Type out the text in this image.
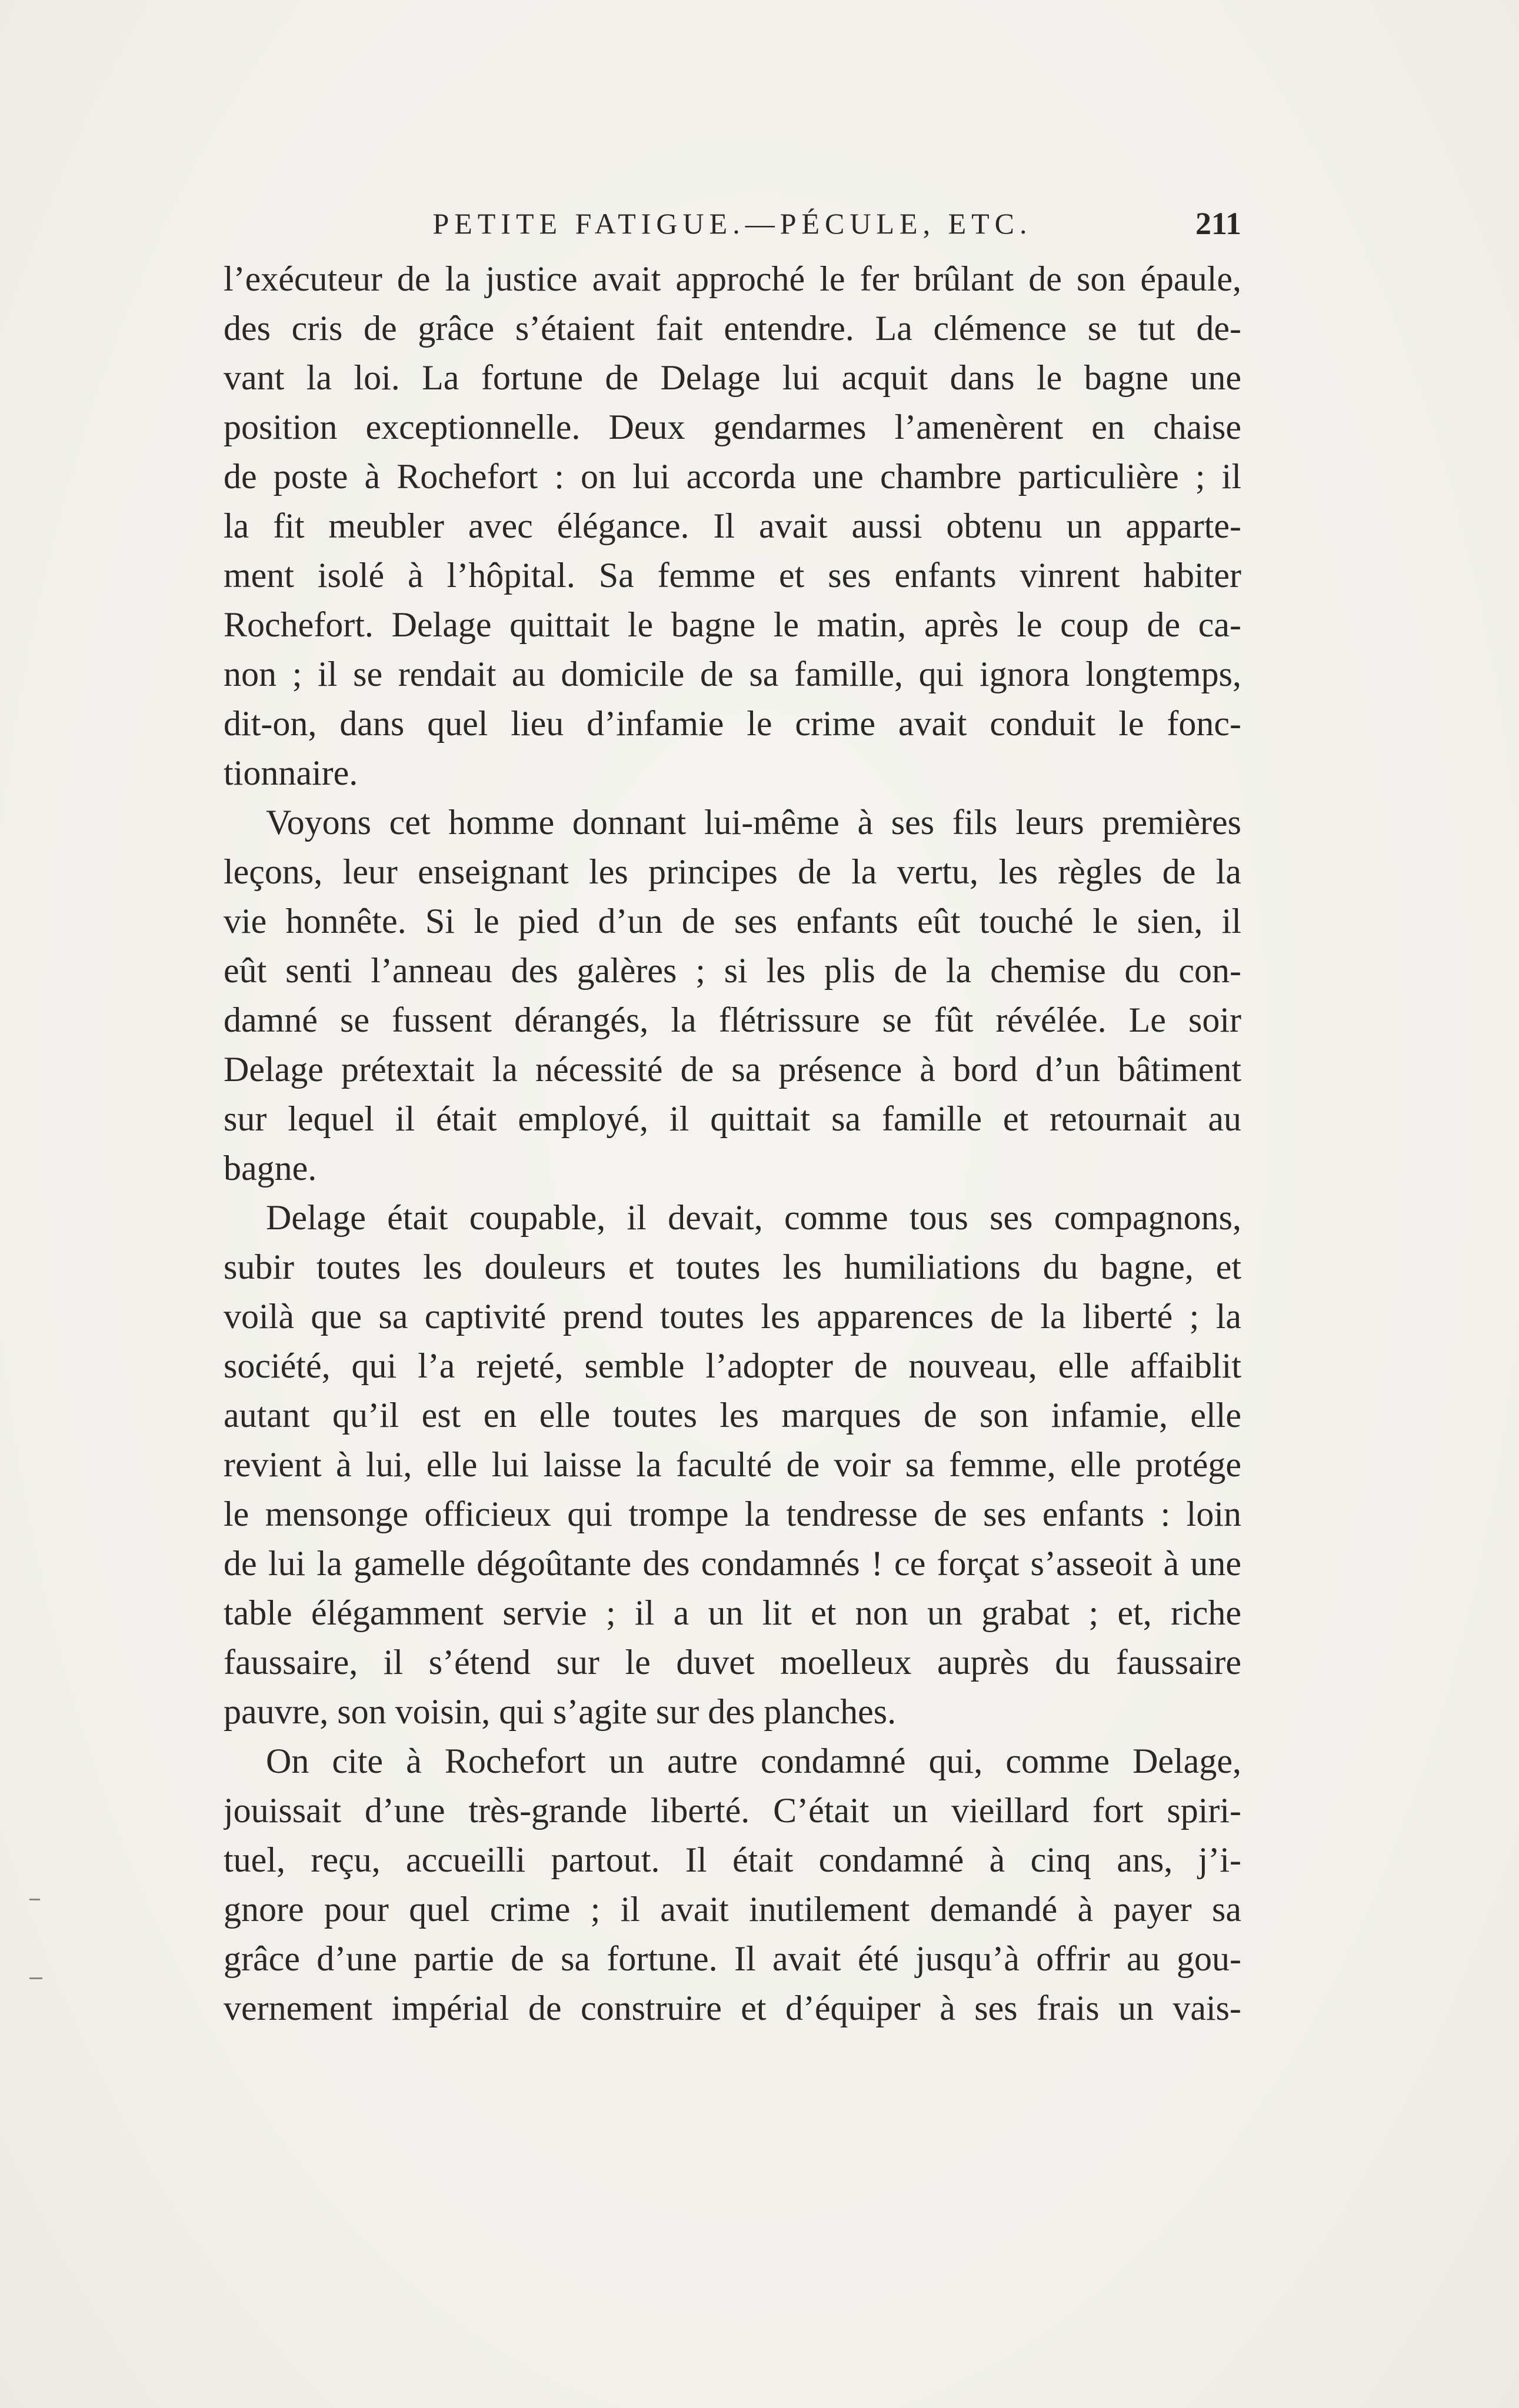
PETITE FATIGUE.—PÉCULE, ETC.	211
l’exécuteur de la justice avait approché le fer brûlant de son épaule,
des cris de grâce s’étaient fait entendre. La clémence se tut de-
vant la loi. La fortune de Delage lui acquit dans le bagne une
position exceptionnelle. Deux gendarmes l’amenèrent en chaise
de poste à Rochefort : on lui accorda une chambre particulière ; il
la fit meubler avec élégance. Il avait aussi obtenu un apparte-
ment isolé à l’hôpital. Sa femme et ses enfants vinrent habiter
Rochefort. Delage quittait le bagne le matin, après le coup de ca-
non ; il se rendait au domicile de sa famille, qui ignora longtemps,
dit-on, dans quel lieu d’infamie le crime avait conduit le fonc-
tionnaire.
Voyons cet homme donnant lui-même à ses fils leurs premières
leçons, leur enseignant les principes de la vertu, les règles de la
vie honnête. Si le pied d’un de ses enfants eût touché le sien, il
eût senti l’anneau des galères ; si les plis de la chemise du con-
damné se fussent dérangés, la flétrissure se fût révélée. Le soir
Delage prétextait la nécessité de sa présence à bord d’un bâtiment
sur lequel il était employé, il quittait sa famille et retournait au
bagne.
Delage était coupable, il devait, comme tous ses compagnons,
subir toutes les douleurs et toutes les humiliations du bagne, et
voilà que sa captivité prend toutes les apparences de la liberté ; la
société, qui l’a rejeté, semble l’adopter de nouveau, elle affaiblit
autant qu’il est en elle toutes les marques de son infamie, elle
revient à lui, elle lui laisse la faculté de voir sa femme, elle protége
le mensonge officieux qui trompe la tendresse de ses enfants : loin
de lui la gamelle dégoûtante des condamnés ! ce forçat s’asseoit à une
table élégamment servie ; il a un lit et non un grabat ; et, riche
faussaire, il s’étend sur le duvet moelleux auprès du faussaire
pauvre, son voisin, qui s’agite sur des planches.
On cite à Rochefort un autre condamné qui, comme Delage,
jouissait d’une très-grande liberté. C’était un vieillard fort spiri-
tuel, reçu, accueilli partout. Il était condamné à cinq ans, j’i-
gnore pour quel crime ; il avait inutilement demandé à payer sa
grâce d’une partie de sa fortune. Il avait été jusqu’à offrir au gou-
vernement impérial de construire et d’équiper à ses frais un vais-
